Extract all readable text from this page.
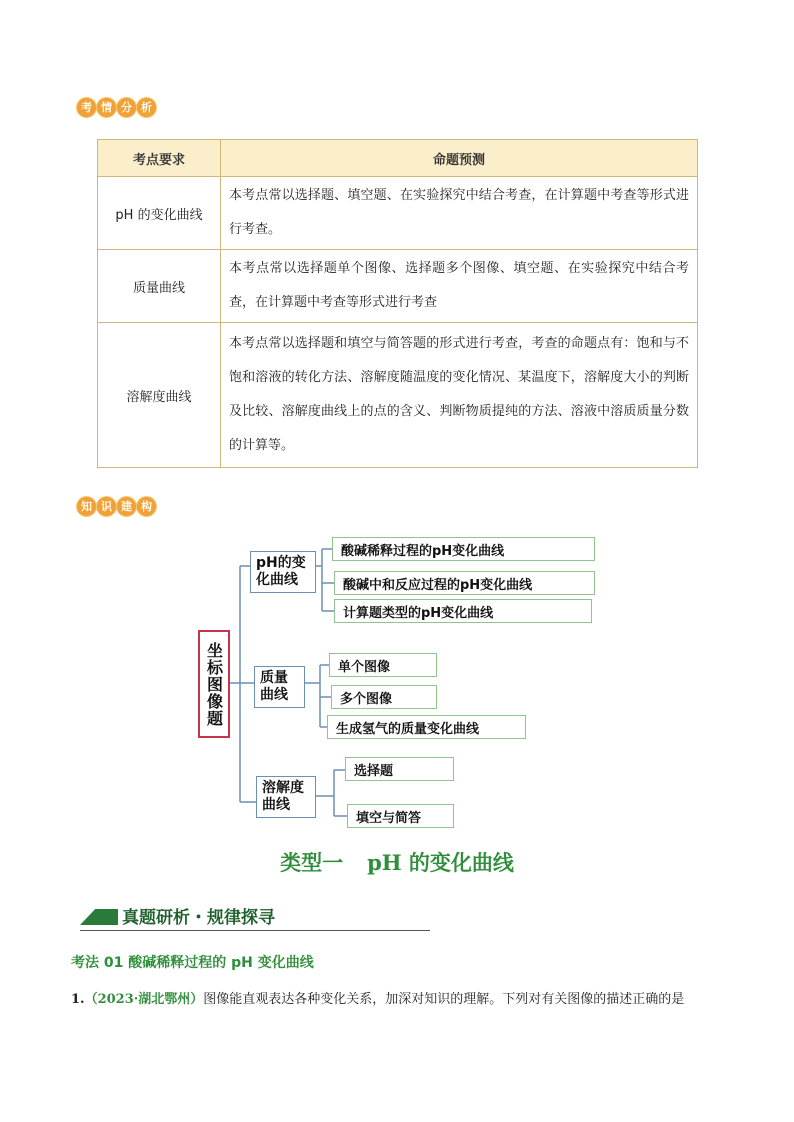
考 情 分 析
考点要求	命题预测
pH 的变化曲线	本考点常以选择题、填空题、在实验探究中结合考查，在计算题中考查等形式进行考查。
质量曲线	本考点常以选择题单个图像、选择题多个图像、填空题、在实验探究中结合考查，在计算题中考查等形式进行考查
溶解度曲线	本考点常以选择题和填空与简答题的形式进行考查，考查的命题点有：饱和与不饱和溶液的转化方法、溶解度随温度的变化情况、某温度下，溶解度大小的判断及比较、溶解度曲线上的点的含义、判断物质提纯的方法、溶液中溶质质量分数的计算等。
知 识 建 构
坐标图像题
pH的变化曲线
质量曲线
溶解度曲线
酸碱稀释过程的pH变化曲线
酸碱中和反应过程的pH变化曲线
计算题类型的pH变化曲线
单个图像
多个图像
生成氢气的质量变化曲线
选择题
填空与简答
类型一 pH 的变化曲线
真题研析・规律探寻
考法 01 酸碱稀释过程的 pH 变化曲线
1.（2023·湖北鄂州）图像能直观表达各种变化关系，加深对知识的理解。下列对有关图像的描述正确的是
